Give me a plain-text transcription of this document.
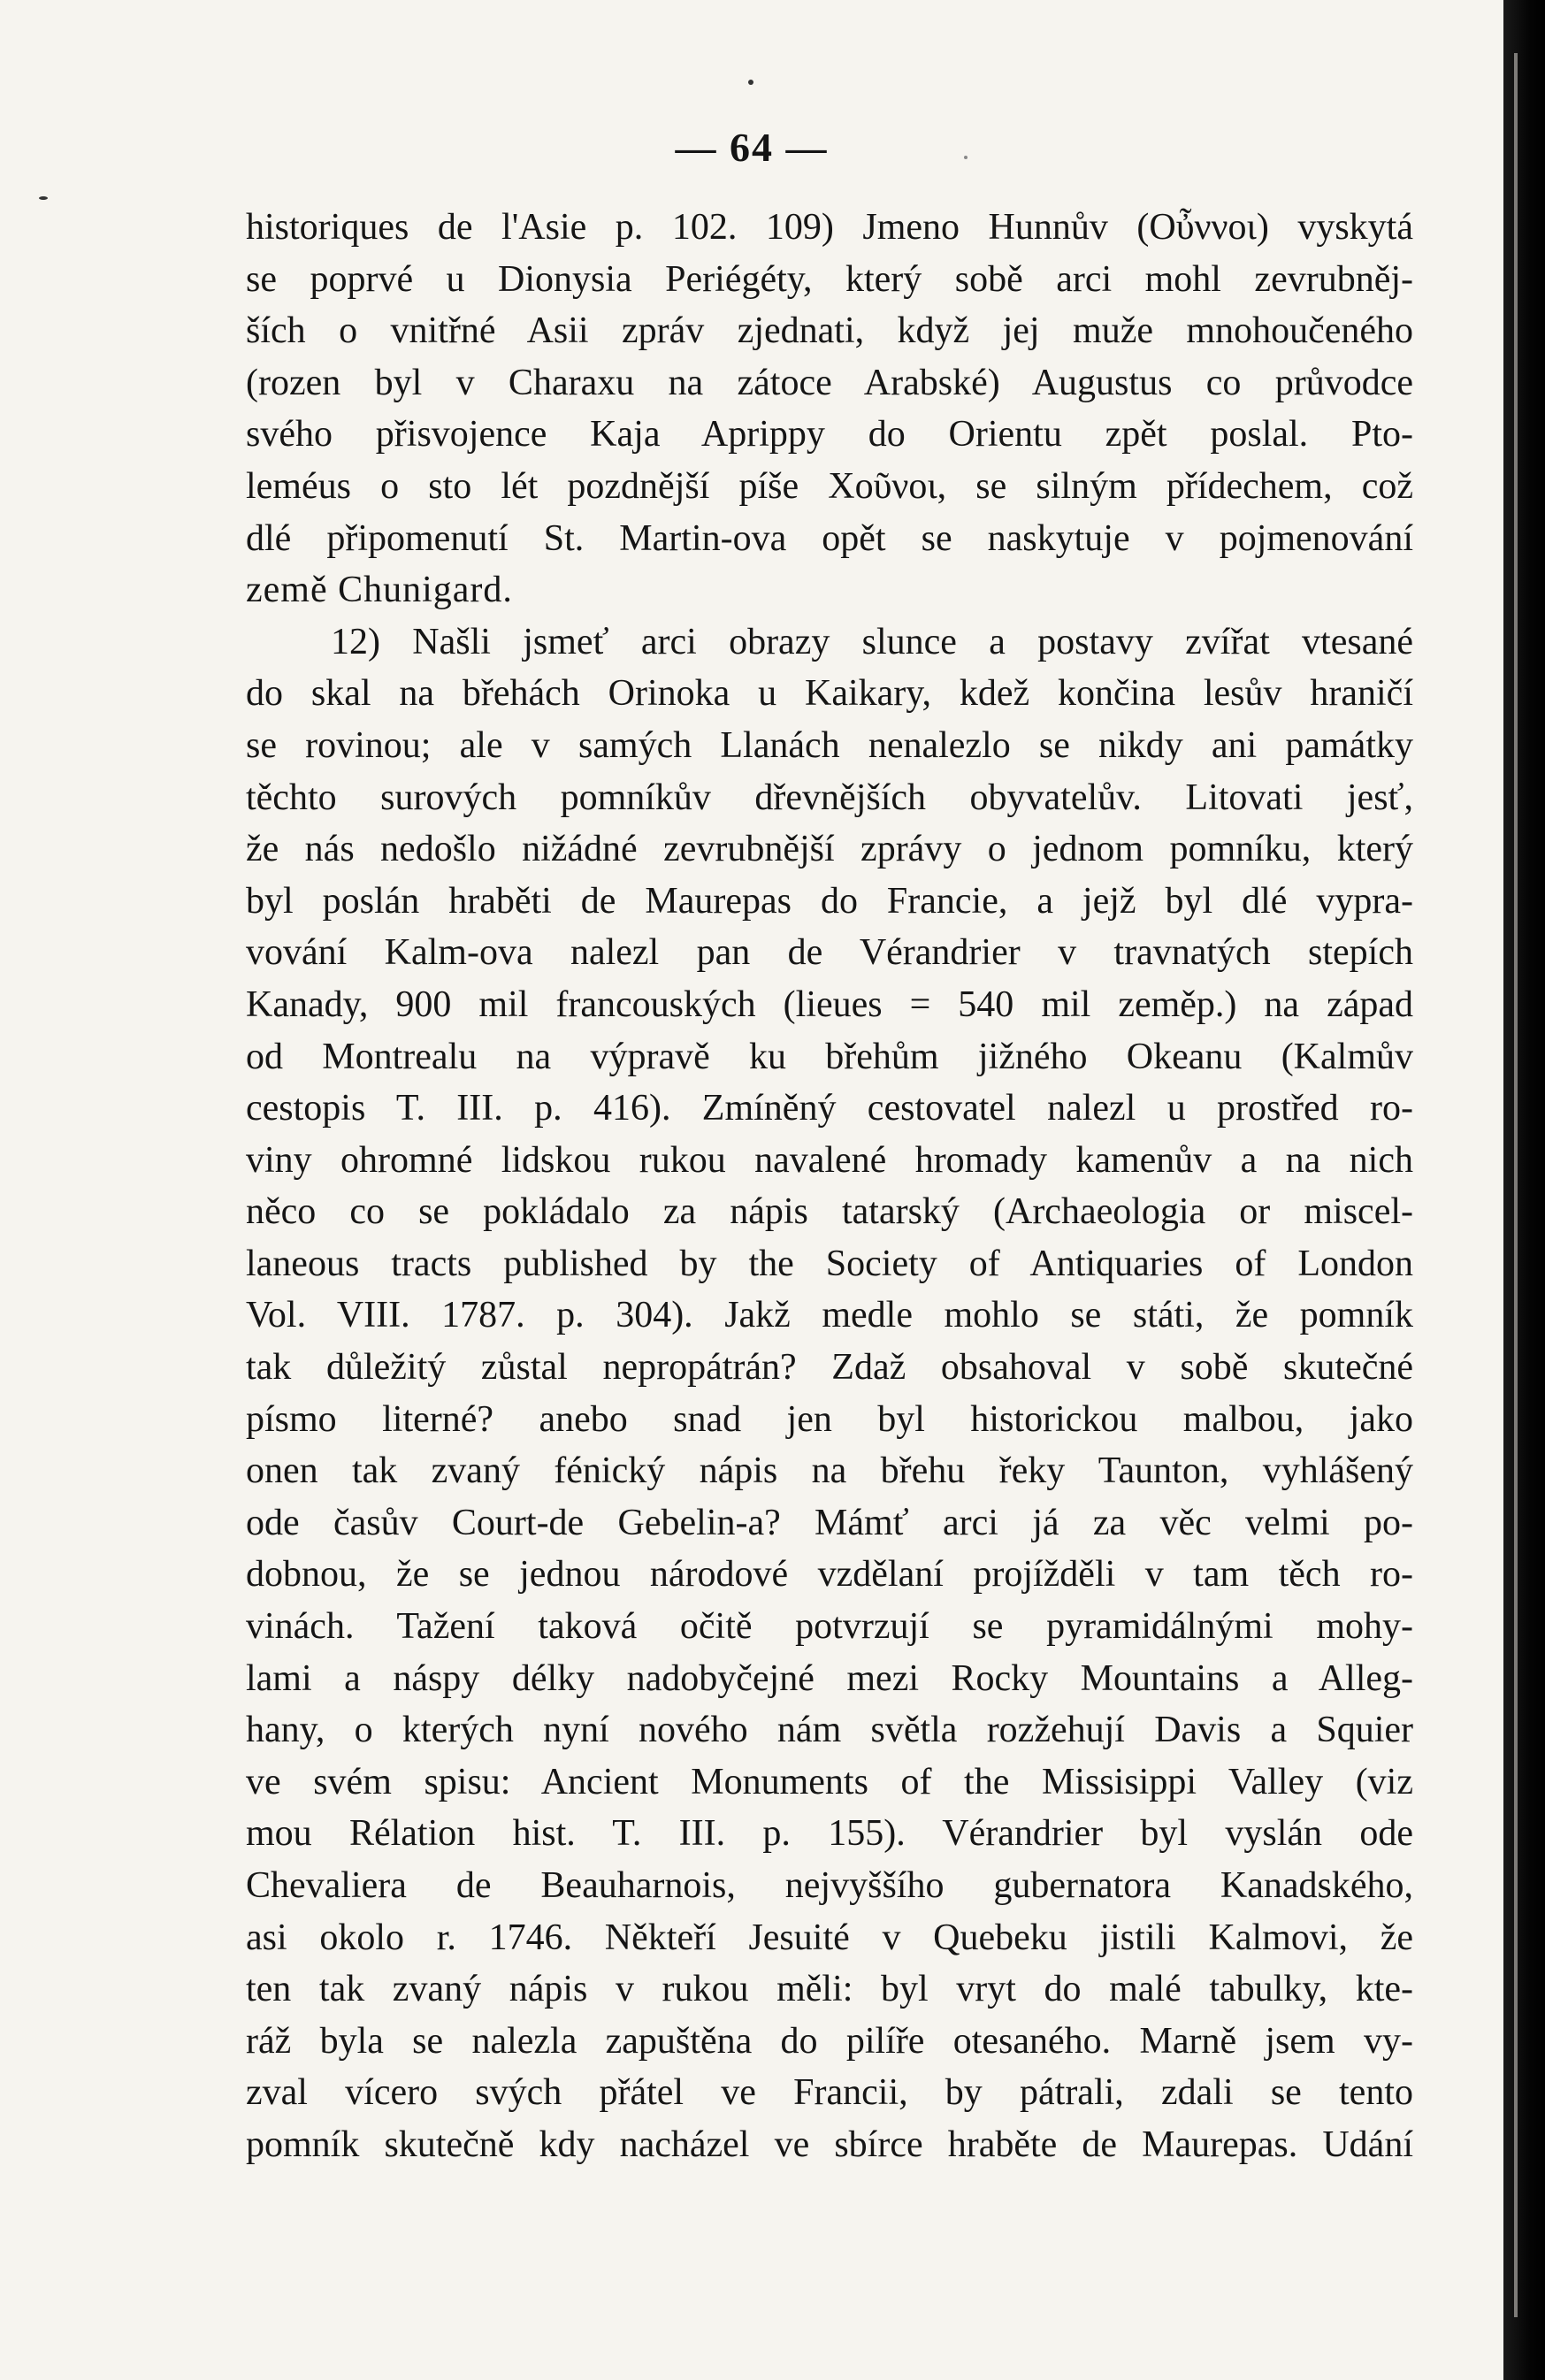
— 64 —
historiques de l'Asie p. 102. 109) Jmeno Hunnův (Οὖννοι) vyskytá
se poprvé u Dionysia Periégéty, který sobě arci mohl zevrubněj-
ších o vnitřné Asii zpráv zjednati, když jej muže mnohoučeného
(rozen byl v Charaxu na zátoce Arabské) Augustus co průvodce
svého přisvojence Kaja Aprippy do Orientu zpět poslal. Pto-
leméus o sto lét pozdnější píše Χοῦνοι, se silným přídechem, což
dlé připomenutí St. Martin-ova opět se naskytuje v pojmenování
země Chunigard.
12) Našli jsmeť arci obrazy slunce a postavy zvířat vtesané
do skal na břehách Orinoka u Kaikary, kdež končina lesův hraničí
se rovinou; ale v samých Llanách nenalezlo se nikdy ani památky
těchto surových pomníkův dřevnějších obyvatelův. Litovati jesť,
že nás nedošlo nižádné zevrubnější zprávy o jednom pomníku, který
byl poslán hraběti de Maurepas do Francie, a jejž byl dlé vypra-
vování Kalm-ova nalezl pan de Vérandrier v travnatých stepích
Kanady, 900 mil francouských (lieues = 540 mil zeměp.) na západ
od Montrealu na výpravě ku břehům jižného Okeanu (Kalmův
cestopis T. III. p. 416). Zmíněný cestovatel nalezl u prostřed ro-
viny ohromné lidskou rukou navalené hromady kamenův a na nich
něco co se pokládalo za nápis tatarský (Archaeologia or miscel-
laneous tracts published by the Society of Antiquaries of London
Vol. VIII. 1787. p. 304). Jakž medle mohlo se státi, že pomník
tak důležitý zůstal nepropátrán? Zdaž obsahoval v sobě skutečné
písmo literné? anebo snad jen byl historickou malbou, jako
onen tak zvaný fénický nápis na břehu řeky Taunton, vyhlášený
ode časův Court-de Gebelin-a? Mámť arci já za věc velmi po-
dobnou, že se jednou národové vzdělaní projížděli v tam těch ro-
vinách. Tažení taková očitě potvrzují se pyramidálnými mohy-
lami a náspy délky nadobyčejné mezi Rocky Mountains a Alleg-
hany, o kterých nyní nového nám světla rozžehují Davis a Squier
ve svém spisu: Ancient Monuments of the Missisippi Valley (viz
mou Rélation hist. T. III. p. 155). Vérandrier byl vyslán ode
Chevaliera de Beauharnois, nejvyššího gubernatora Kanadského,
asi okolo r. 1746. Někteří Jesuité v Quebeku jistili Kalmovi, že
ten tak zvaný nápis v rukou měli: byl vryt do malé tabulky, kte-
ráž byla se nalezla zapuštěna do pilíře otesaného. Marně jsem vy-
zval vícero svých přátel ve Francii, by pátrali, zdali se tento
pomník skutečně kdy nacházel ve sbírce hraběte de Maurepas. Udání
